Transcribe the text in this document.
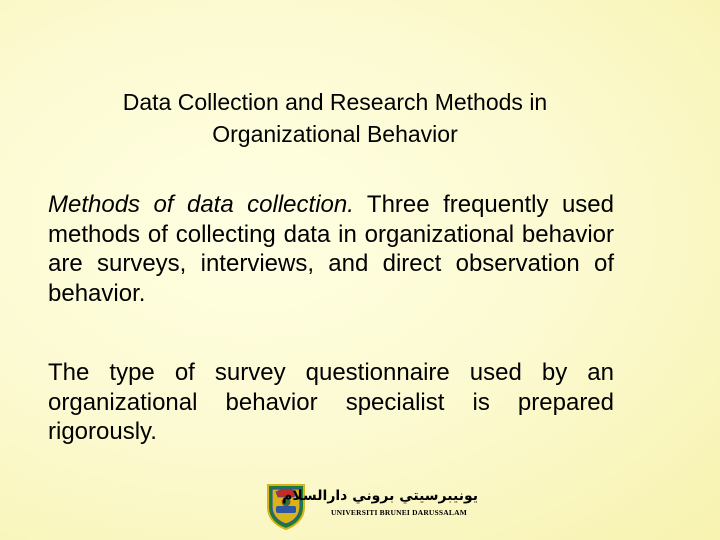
Data Collection and Research Methods in
Organizational Behavior

Methods of data collection. Three frequently used methods of collecting data in organizational behavior are surveys, interviews, and direct observation of behavior.

The type of survey questionnaire used by an organizational behavior specialist is prepared rigorously.

يونيبرسيتي بروني دارالسلام
UNIVERSITI BRUNEI DARUSSALAM
